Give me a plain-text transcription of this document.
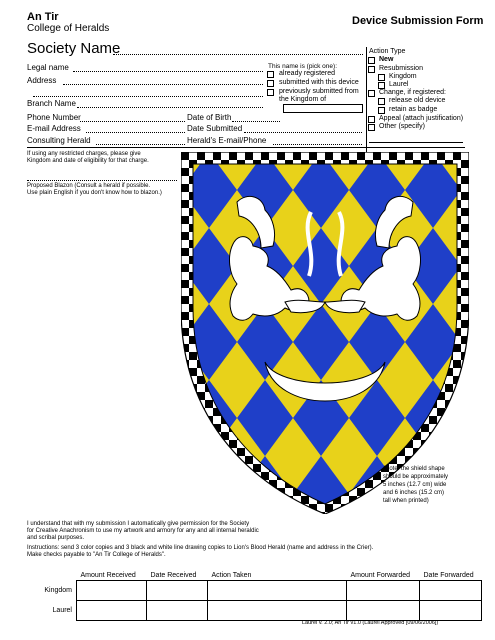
An Tir
College of Heralds
Device Submission Form
Society Name
Legal name
Address
Branch Name
Phone Number	Date of Birth
E-mail Address	Date Submitted
Consulting Herald	Herald's E-mail/Phone
This name is (pick one):
already registered
submitted with this device
previously submitted from
the Kingdom of
Action Type
New
Resubmission
Kingdom
Laurel
Change, if registered:
release old device
retain as badge
Appeal (attach justification)
Other (specify)
If using any restricted charges, please give
Kingdom and date of eligibility for that charge.
Proposed Blazon (Consult a herald if possible.
Use plain English if you don't know how to blazon.)
(Note: the shield shape
should be approximately
5 inches (12.7 cm) wide
and 6 inches (15.2 cm)
tall when printed)
I understand that with my submission I automatically give permission for the Society
for Creative Anachronism to use my artwork and armory for any and all internal heraldic
and scribal purposes.
Instructions: send 3 color copies and 3 black and white line drawing copies to Lion's Blood Herald (name and address in the Crier).
Make checks payable to "An Tir College of Heralds".
	Amount Received	Date Received	Action Taken	Amount Forwarded	Date Forwarded
Kingdom					
Laurel					
Laurel v. 2.0; An Tir v1.0 (Laurel Approved [09/06/2006])
